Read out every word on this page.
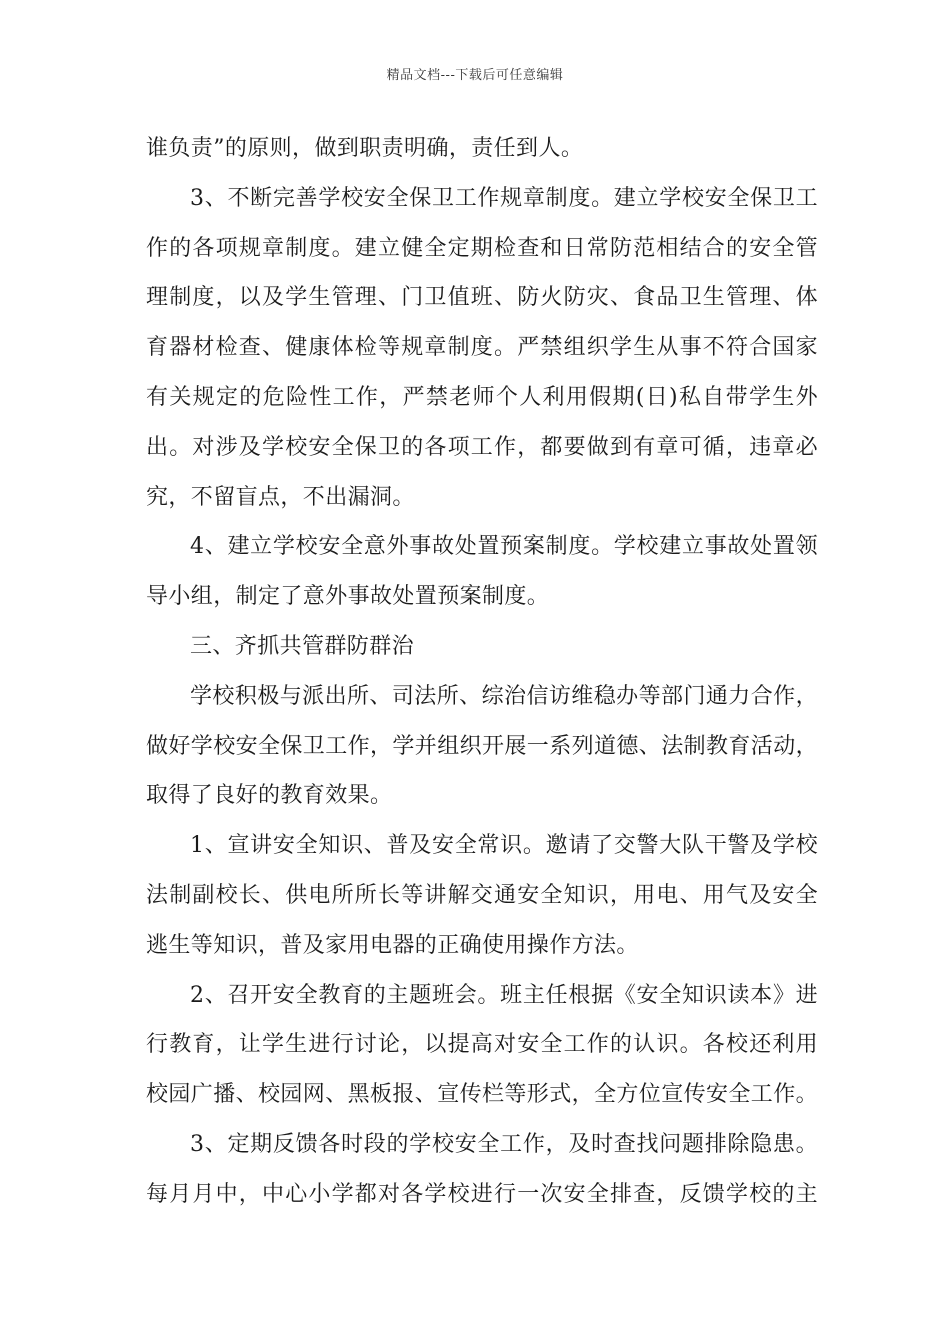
精品文档---下载后可任意编辑
谁负责”的原则，做到职责明确，责任到人。
3、不断完善学校安全保卫工作规章制度。建立学校安全保卫工
作的各项规章制度。建立健全定期检查和日常防范相结合的安全管
理制度，以及学生管理、门卫值班、防火防灾、食品卫生管理、体
育器材检查、健康体检等规章制度。严禁组织学生从事不符合国家
有关规定的危险性工作，严禁老师个人利用假期(日)私自带学生外
出。对涉及学校安全保卫的各项工作，都要做到有章可循，违章必
究，不留盲点，不出漏洞。
4、建立学校安全意外事故处置预案制度。学校建立事故处置领
导小组，制定了意外事故处置预案制度。
三、齐抓共管群防群治
学校积极与派出所、司法所、综治信访维稳办等部门通力合作，
做好学校安全保卫工作，学并组织开展一系列道德、法制教育活动，
取得了良好的教育效果。
1、宣讲安全知识、普及安全常识。邀请了交警大队干警及学校
法制副校长、供电所所长等讲解交通安全知识，用电、用气及安全
逃生等知识，普及家用电器的正确使用操作方法。
2、召开安全教育的主题班会。班主任根据《安全知识读本》进
行教育，让学生进行讨论，以提高对安全工作的认识。各校还利用
校园广播、校园网、黑板报、宣传栏等形式，全方位宣传安全工作。
3、定期反馈各时段的学校安全工作，及时查找问题排除隐患。
每月月中，中心小学都对各学校进行一次安全排查，反馈学校的主
